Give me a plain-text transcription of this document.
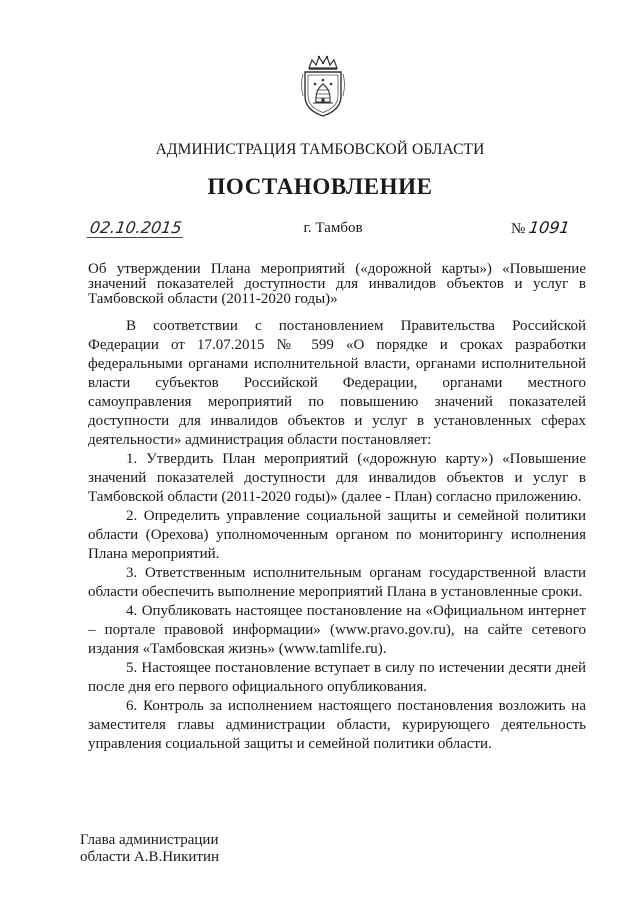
АДМИНИСТРАЦИЯ ТАМБОВСКОЙ ОБЛАСТИ
ПОСТАНОВЛЕНИЕ
02.10.2015	г. Тамбов	№ 1091
Об утверждении Плана мероприятий («дорожной карты») «Повышение значений показателей доступности для инвалидов объектов и услуг в Тамбовской области (2011-2020 годы)»

В соответствии с постановлением Правительства Российской Федерации от 17.07.2015 № 599 «О порядке и сроках разработки федеральными органами исполнительной власти, органами исполнительной власти субъектов Российской Федерации, органами местного самоуправления мероприятий по повышению значений показателей доступности для инвалидов объектов и услуг в установленных сферах деятельности» администрация области постановляет:

1. Утвердить План мероприятий («дорожную карту») «Повышение значений показателей доступности для инвалидов объектов и услуг в Тамбовской области (2011-2020 годы)» (далее - План) согласно приложению.

2. Определить управление социальной защиты и семейной политики области (Орехова) уполномоченным органом по мониторингу исполнения Плана мероприятий.

3. Ответственным исполнительным органам государственной власти области обеспечить выполнение мероприятий Плана в установленные сроки.

4. Опубликовать настоящее постановление на «Официальном интернет – портале правовой информации» (www.pravo.gov.ru), на сайте сетевого издания «Тамбовская жизнь» (www.tamlife.ru).

5. Настоящее постановление вступает в силу по истечении десяти дней после дня его первого официального опубликования.

6. Контроль за исполнением настоящего постановления возложить на заместителя главы администрации области, курирующего деятельность управления социальной защиты и семейной политики области.

Глава администрации
области А.В.Никитин
